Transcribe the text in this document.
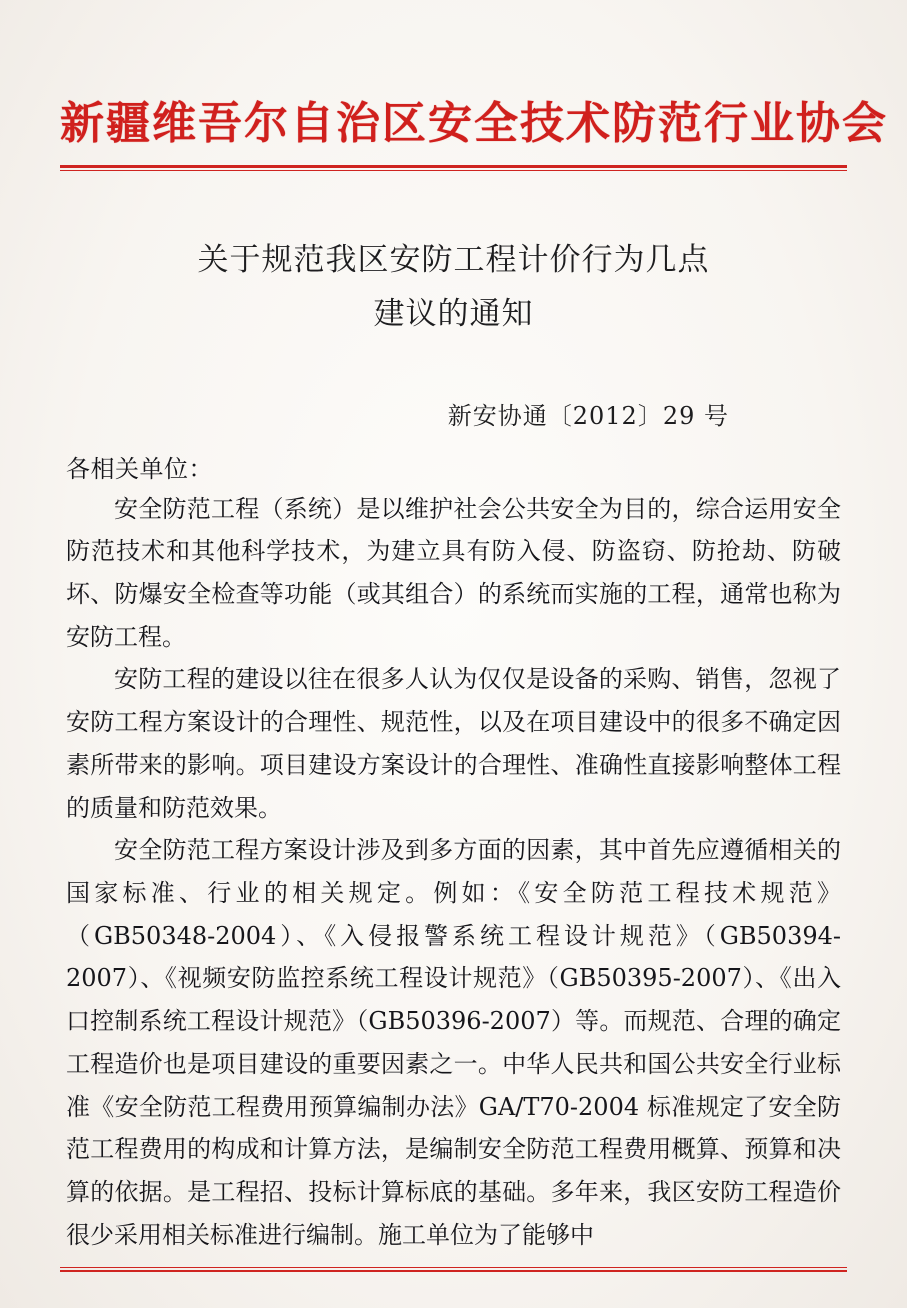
新疆维吾尔自治区安全技术防范行业协会
关于规范我区安防工程计价行为几点
建议的通知
新安协通〔2012〕29 号
各相关单位：

安全防范工程（系统）是以维护社会公共安全为目的，综合运用安全防范技术和其他科学技术，为建立具有防入侵、防盗窃、防抢劫、防破坏、防爆安全检查等功能（或其组合）的系统而实施的工程，通常也称为安防工程。

安防工程的建设以往在很多人认为仅仅是设备的采购、销售，忽视了安防工程方案设计的合理性、规范性，以及在项目建设中的很多不确定因素所带来的影响。项目建设方案设计的合理性、准确性直接影响整体工程的质量和防范效果。

安全防范工程方案设计涉及到多方面的因素，其中首先应遵循相关的国家标准、行业的相关规定。例如：《安全防范工程技术规范》（GB50348-2004）、《入侵报警系统工程设计规范》（GB50394-2007）、《视频安防监控系统工程设计规范》（GB50395-2007）、《出入口控制系统工程设计规范》（GB50396-2007）等。而规范、合理的确定工程造价也是项目建设的重要因素之一。中华人民共和国公共安全行业标准《安全防范工程费用预算编制办法》GA/T70-2004 标准规定了安全防范工程费用的构成和计算方法，是编制安全防范工程费用概算、预算和决算的依据。是工程招、投标计算标底的基础。多年来，我区安防工程造价很少采用相关标准进行编制。施工单位为了能够中
